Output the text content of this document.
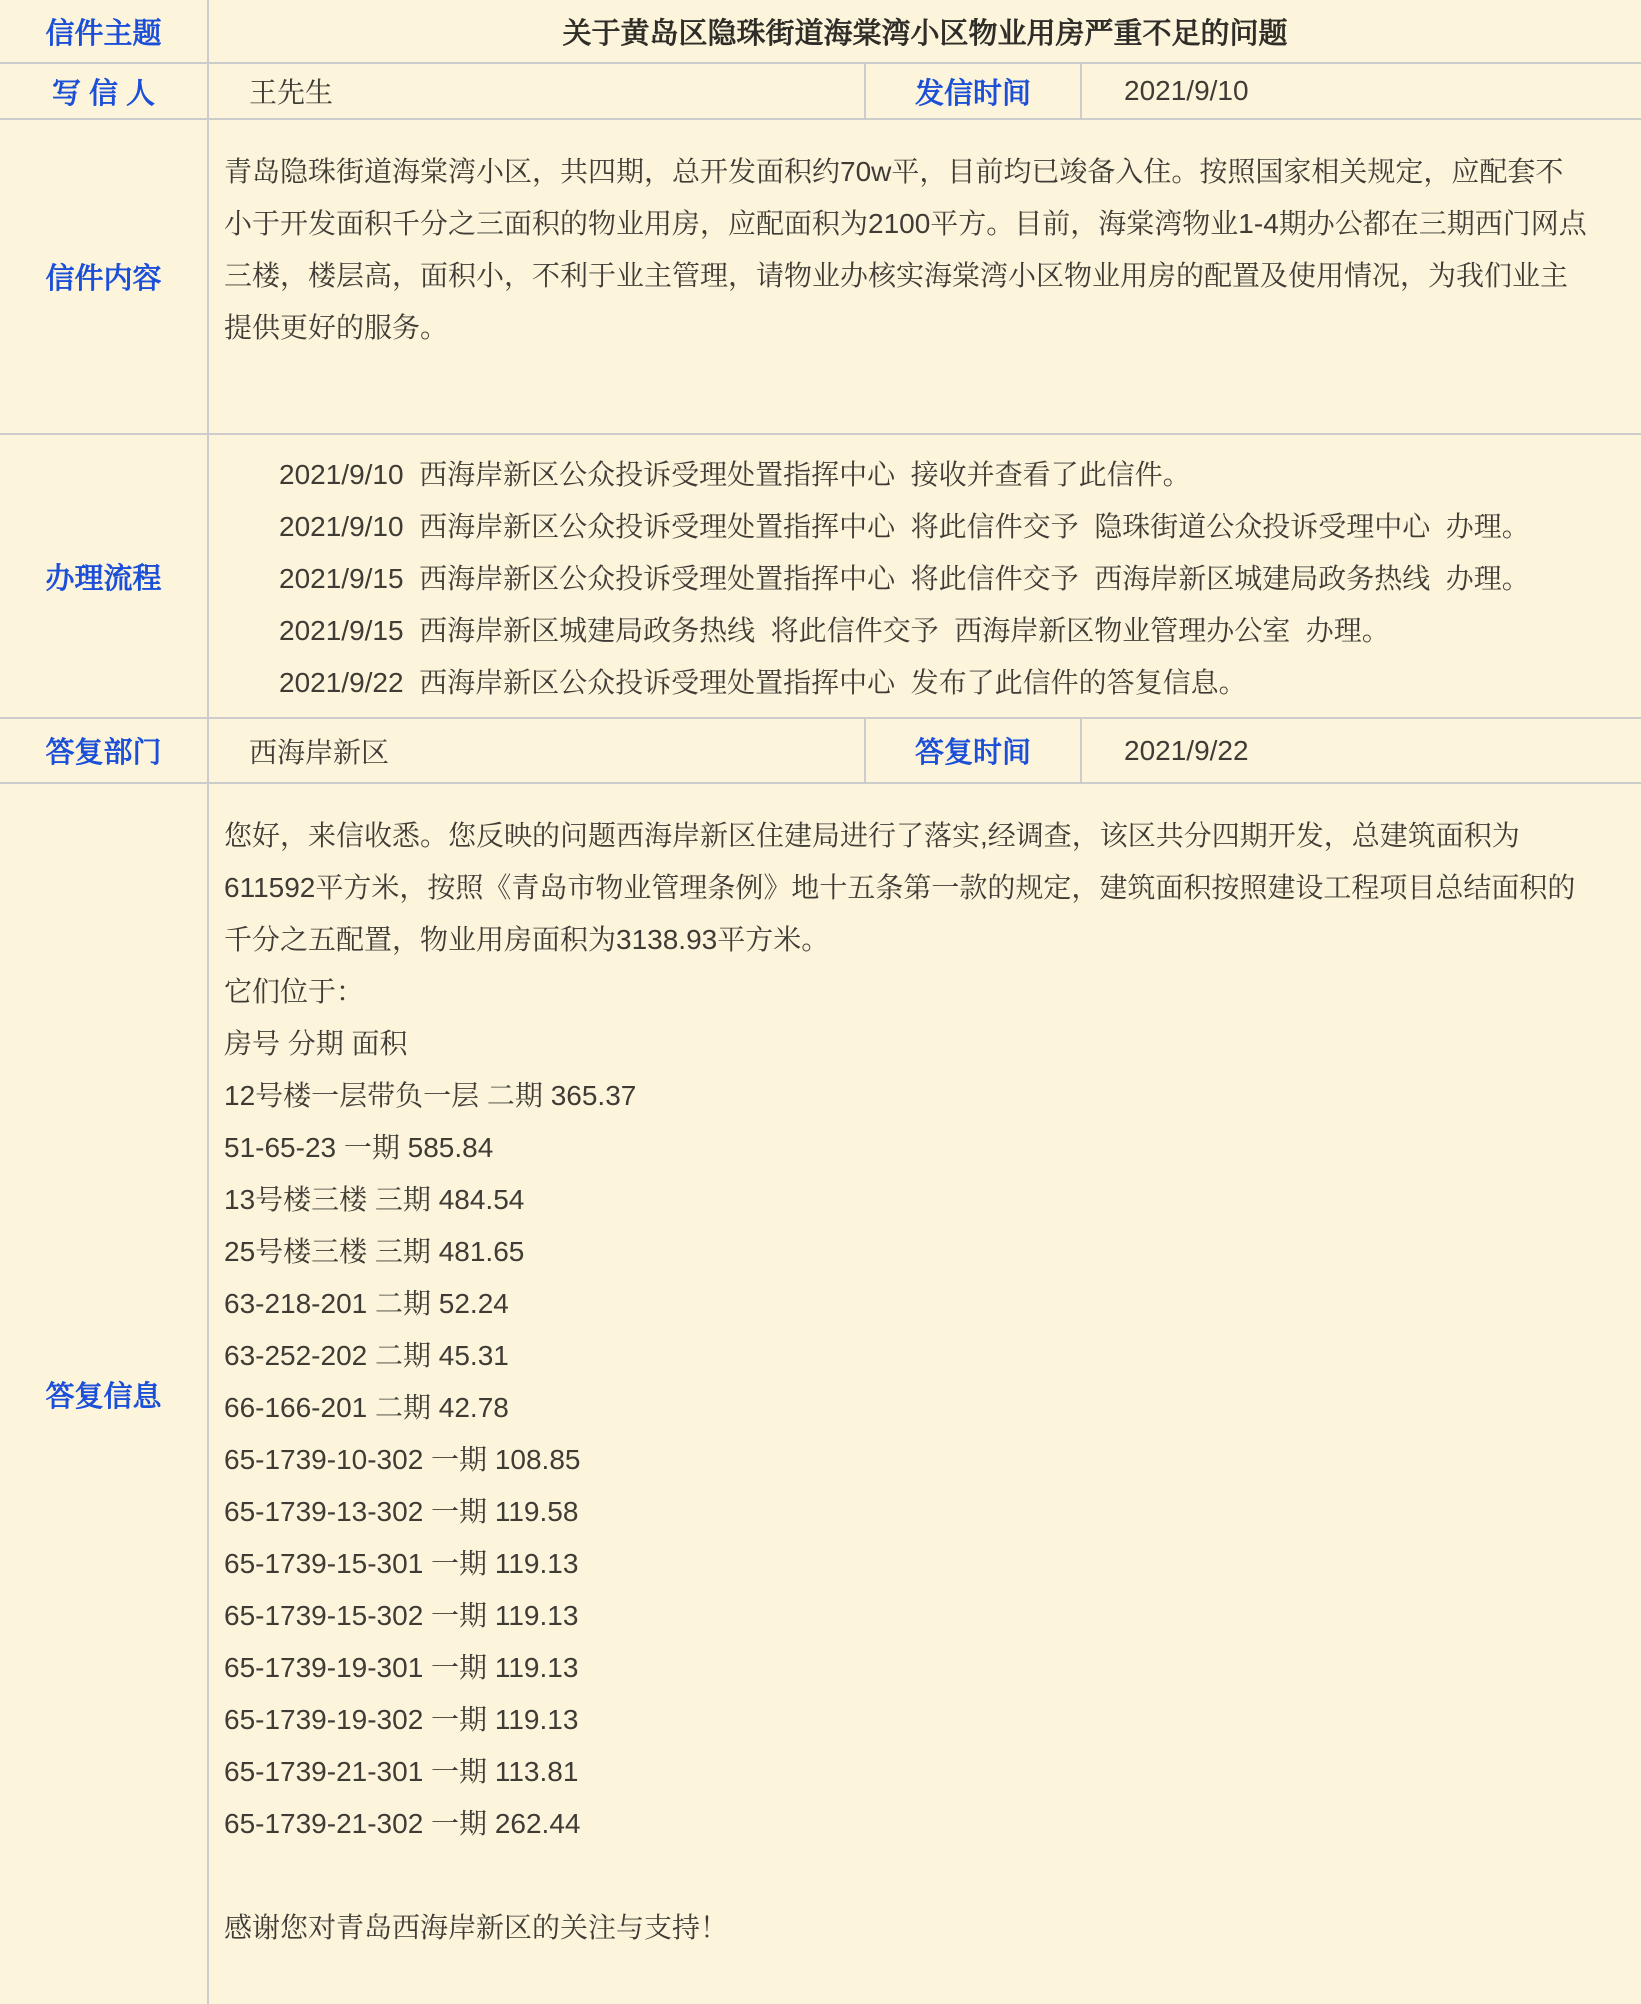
信件主题	关于黄岛区隐珠街道海棠湾小区物业用房严重不足的问题
写 信 人	王先生	发信时间	2021/9/10
信件内容
青岛隐珠街道海棠湾小区，共四期，总开发面积约70w平，目前均已竣备入住。按照国家相关规定，应配套不小于开发面积千分之三面积的物业用房，应配面积为2100平方。目前，海棠湾物业1-4期办公都在三期西门网点三楼，楼层高，面积小，不利于业主管理，请物业办核实海棠湾小区物业用房的配置及使用情况，为我们业主提供更好的服务。
办理流程
2021/9/10  西海岸新区公众投诉受理处置指挥中心  接收并查看了此信件。
2021/9/10  西海岸新区公众投诉受理处置指挥中心  将此信件交予  隐珠街道公众投诉受理中心  办理。
2021/9/15  西海岸新区公众投诉受理处置指挥中心  将此信件交予  西海岸新区城建局政务热线  办理。
2021/9/15  西海岸新区城建局政务热线  将此信件交予  西海岸新区物业管理办公室  办理。
2021/9/22  西海岸新区公众投诉受理处置指挥中心  发布了此信件的答复信息。
答复部门	西海岸新区	答复时间	2021/9/22
答复信息
您好，来信收悉。您反映的问题西海岸新区住建局进行了落实,经调查，该区共分四期开发，总建筑面积为611592平方米，按照《青岛市物业管理条例》地十五条第一款的规定，建筑面积按照建设工程项目总结面积的千分之五配置，物业用房面积为3138.93平方米。
它们位于：
房号 分期 面积
12号楼一层带负一层 二期 365.37
51-65-23 一期 585.84
13号楼三楼 三期 484.54
25号楼三楼 三期 481.65
63-218-201 二期 52.24
63-252-202 二期 45.31
66-166-201 二期 42.78
65-1739-10-302 一期 108.85
65-1739-13-302 一期 119.58
65-1739-15-301 一期 119.13
65-1739-15-302 一期 119.13
65-1739-19-301 一期 119.13
65-1739-19-302 一期 119.13
65-1739-21-301 一期 113.81
65-1739-21-302 一期 262.44
感谢您对青岛西海岸新区的关注与支持！
